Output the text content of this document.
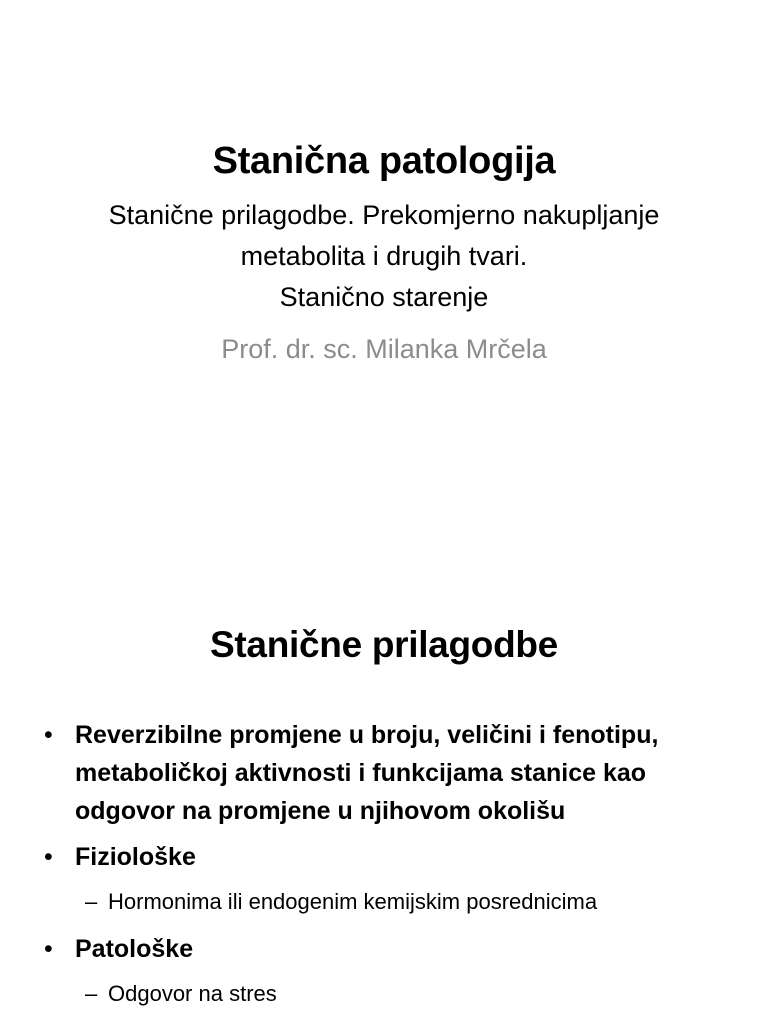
Stanična patologija

Stanične prilagodbe. Prekomjerno nakupljanje
metabolita i drugih tvari.
Stanično starenje

Prof. dr. sc. Milanka Mrčela

Stanične prilagodbe
• Reverzibilne promjene u broju, veličini i fenotipu, metaboličkoj aktivnosti i funkcijama stanice kao odgovor na promjene u njihovom okolišu
• Fiziološke
– Hormonima ili endogenim kemijskim posrednicima
• Patološke
– Odgovor na stres
